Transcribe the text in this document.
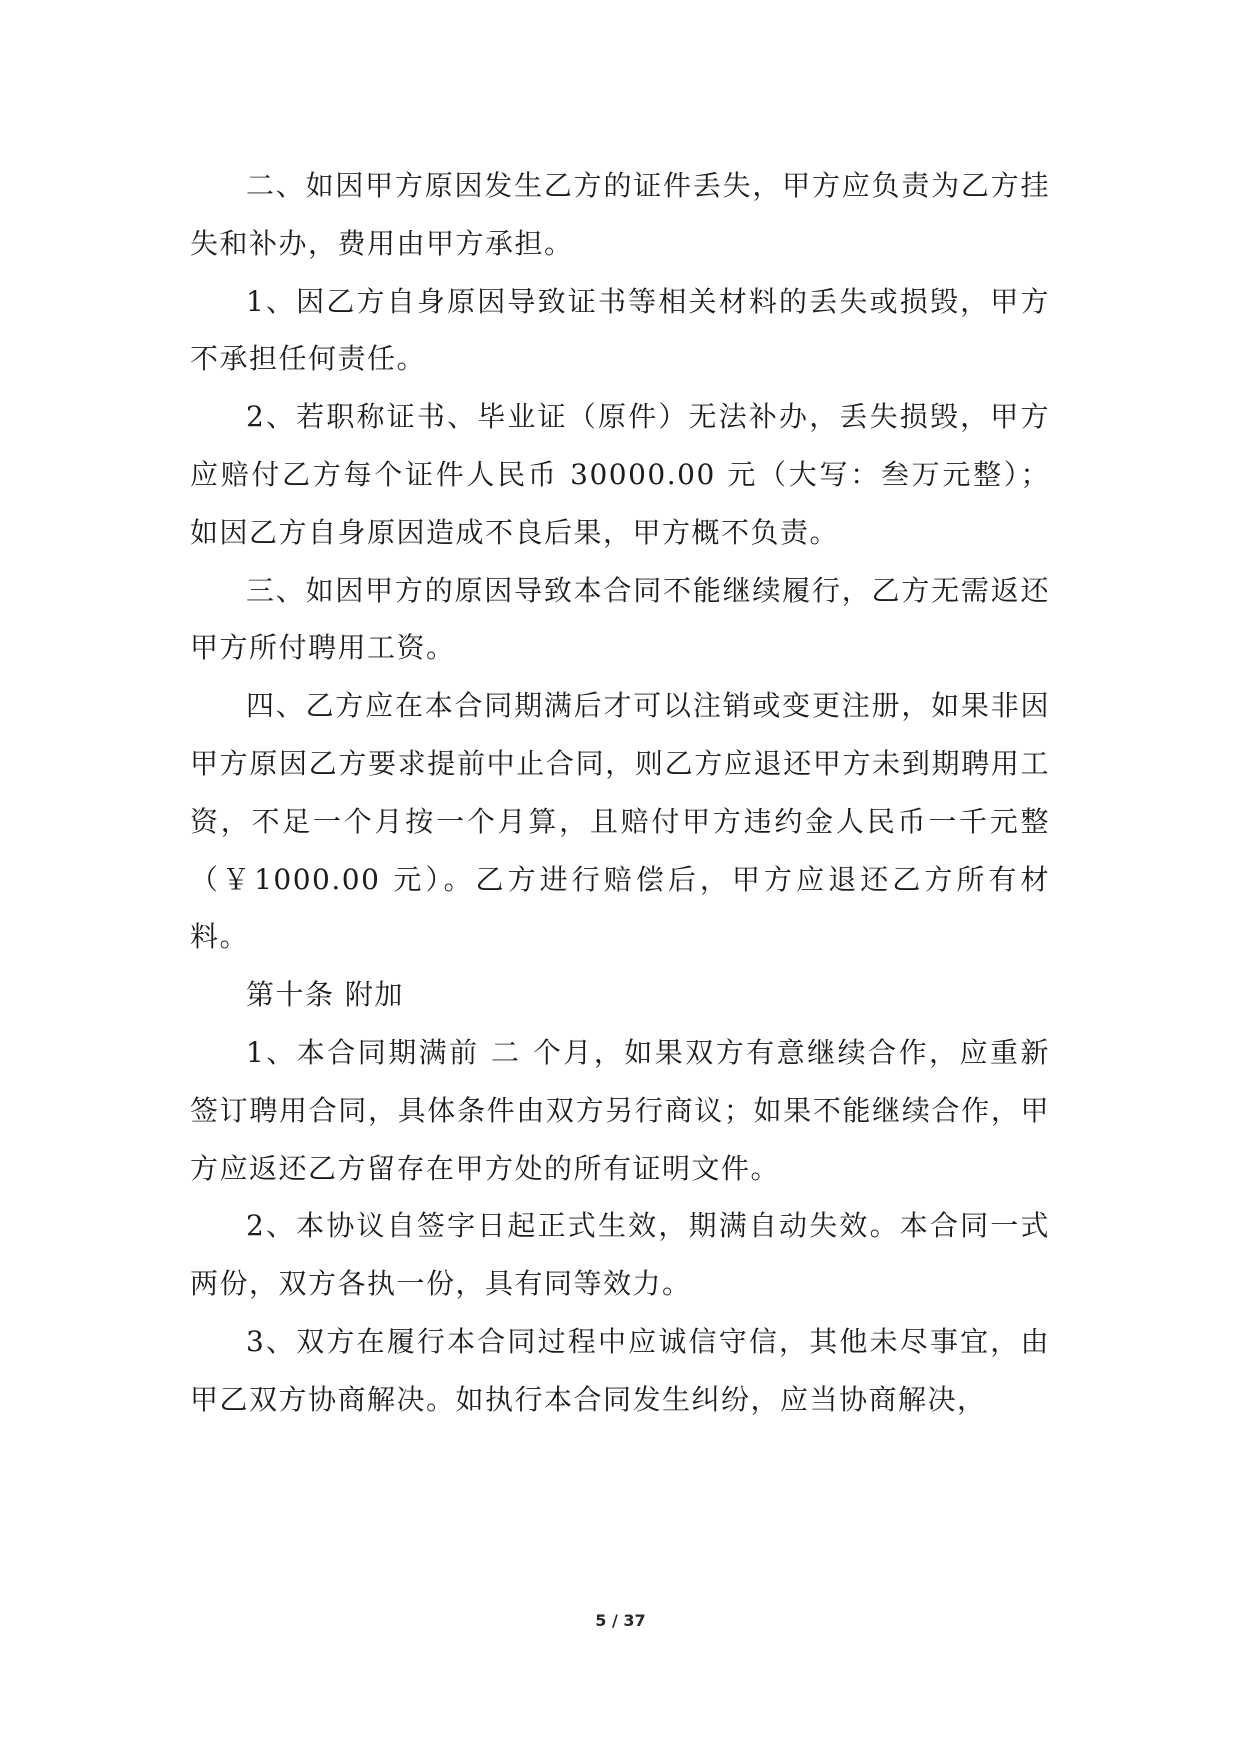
二、如因甲方原因发生乙方的证件丢失，甲方应负责为乙方挂失和补办，费用由甲方承担。

1、因乙方自身原因导致证书等相关材料的丢失或损毁，甲方不承担任何责任。

2、若职称证书、毕业证（原件）无法补办，丢失损毁，甲方应赔付乙方每个证件人民币 30000.00 元（大写：叁万元整）；如因乙方自身原因造成不良后果，甲方概不负责。

三、如因甲方的原因导致本合同不能继续履行，乙方无需返还甲方所付聘用工资。

四、乙方应在本合同期满后才可以注销或变更注册，如果非因甲方原因乙方要求提前中止合同，则乙方应退还甲方未到期聘用工资，不足一个月按一个月算，且赔付甲方违约金人民币一千元整（￥1000.00 元）。乙方进行赔偿后，甲方应退还乙方所有材料。

第十条 附加

1、本合同期满前 二 个月，如果双方有意继续合作，应重新签订聘用合同，具体条件由双方另行商议；如果不能继续合作，甲方应返还乙方留存在甲方处的所有证明文件。

2、本协议自签字日起正式生效，期满自动失效。本合同一式两份，双方各执一份，具有同等效力。

3、双方在履行本合同过程中应诚信守信，其他未尽事宜，由甲乙双方协商解决。如执行本合同发生纠纷，应当协商解决，

5 / 37
